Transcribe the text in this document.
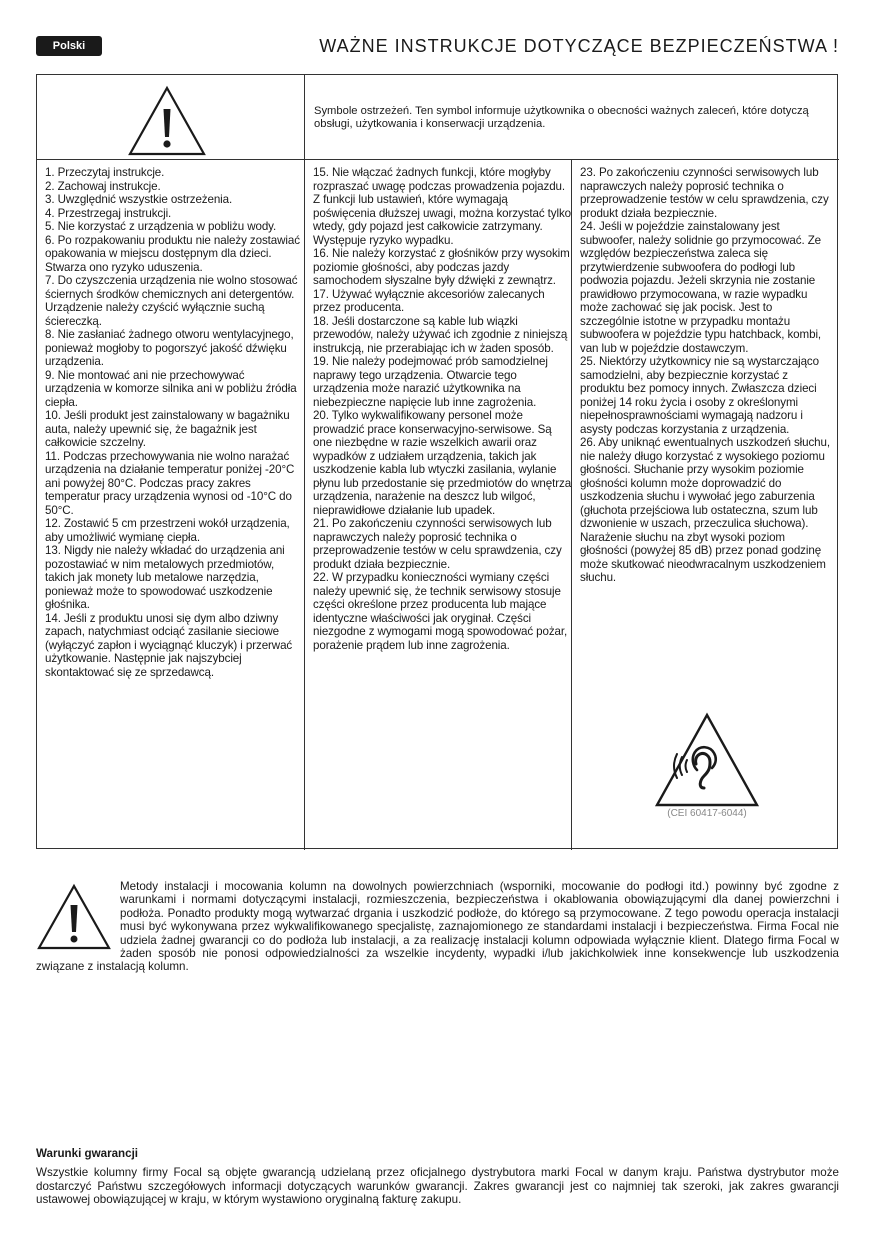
Polski	WAŻNE INSTRUKCJE DOTYCZĄCE BEZPIECZEŃSTWA !
Symbole ostrzeżeń. Ten symbol informuje użytkownika o obecności ważnych zaleceń, które dotyczą obsługi, użytkowania i konserwacji urządzenia.
1. Przeczytaj instrukcje.
2. Zachowaj instrukcje.
3. Uwzględnić wszystkie ostrzeżenia.
4. Przestrzegaj instrukcji.
5. Nie korzystać z urządzenia w pobliżu wody.
6. Po rozpakowaniu produktu nie należy zostawiać opakowania w miejscu dostępnym dla dzieci. Stwarza ono ryzyko uduszenia.
7. Do czyszczenia urządzenia nie wolno stosować ściernych środków chemicznych ani detergentów. Urządzenie należy czyścić wyłącznie suchą ściereczką.
8. Nie zasłaniać żadnego otworu wentylacyjnego, ponieważ mogłoby to pogorszyć jakość dźwięku urządzenia.
9. Nie montować ani nie przechowywać urządzenia w komorze silnika ani w pobliżu źródła ciepła.
10. Jeśli produkt jest zainstalowany w bagażniku auta, należy upewnić się, że bagażnik jest całkowicie szczelny.
11. Podczas przechowywania nie wolno narażać urządzenia na działanie temperatur poniżej -20°C ani powyżej 80°C. Podczas pracy zakres temperatur pracy urządzenia wynosi od -10°C do 50°C.
12. Zostawić 5 cm przestrzeni wokół urządzenia, aby umożliwić wymianę ciepła.
13. Nigdy nie należy wkładać do urządzenia ani pozostawiać w nim metalowych przedmiotów, takich jak monety lub metalowe narzędzia, ponieważ może to spowodować uszkodzenie głośnika.
14. Jeśli z produktu unosi się dym albo dziwny zapach, natychmiast odciąć zasilanie sieciowe (wyłączyć zapłon i wyciągnąć kluczyk) i przerwać użytkowanie. Następnie jak najszybciej skontaktować się ze sprzedawcą.
15. Nie włączać żadnych funkcji, które mogłyby rozpraszać uwagę podczas prowadzenia pojazdu. Z funkcji lub ustawień, które wymagają poświęcenia dłuższej uwagi, można korzystać tylko wtedy, gdy pojazd jest całkowicie zatrzymany. Występuje ryzyko wypadku.
16. Nie należy korzystać z głośników przy wysokim poziomie głośności, aby podczas jazdy samochodem słyszalne były dźwięki z zewnątrz.
17. Używać wyłącznie akcesoriów zalecanych przez producenta.
18. Jeśli dostarczone są kable lub wiązki przewodów, należy używać ich zgodnie z niniejszą instrukcją, nie przerabiając ich w żaden sposób.
19. Nie należy podejmować prób samodzielnej naprawy tego urządzenia. Otwarcie tego urządzenia może narazić użytkownika na niebezpieczne napięcie lub inne zagrożenia.
20. Tylko wykwalifikowany personel może prowadzić prace konserwacyjno-serwisowe. Są one niezbędne w razie wszelkich awarii oraz wypadków z udziałem urządzenia, takich jak uszkodzenie kabla lub wtyczki zasilania, wylanie płynu lub przedostanie się przedmiotów do wnętrza urządzenia, narażenie na deszcz lub wilgoć, nieprawidłowe działanie lub upadek.
21. Po zakończeniu czynności serwisowych lub naprawczych należy poprosić technika o przeprowadzenie testów w celu sprawdzenia, czy produkt działa bezpiecznie.
22. W przypadku konieczności wymiany części należy upewnić się, że technik serwisowy stosuje części określone przez producenta lub mające identyczne właściwości jak oryginał. Części niezgodne z wymogami mogą spowodować pożar, porażenie prądem lub inne zagrożenia.
23. Po zakończeniu czynności serwisowych lub naprawczych należy poprosić technika o przeprowadzenie testów w celu sprawdzenia, czy produkt działa bezpiecznie.
24. Jeśli w pojeździe zainstalowany jest subwoofer, należy solidnie go przymocować. Ze względów bezpieczeństwa zaleca się przytwierdzenie subwoofera do podłogi lub podwozia pojazdu. Jeżeli skrzynia nie zostanie prawidłowo przymocowana, w razie wypadku może zachować się jak pocisk. Jest to szczególnie istotne w przypadku montażu subwoofera w pojeździe typu hatchback, kombi, van lub w pojeździe dostawczym.
25. Niektórzy użytkownicy nie są wystarczająco samodzielni, aby bezpiecznie korzystać z produktu bez pomocy innych. Zwłaszcza dzieci poniżej 14 roku życia i osoby z określonymi niepełnosprawnościami wymagają nadzoru i asysty podczas korzystania z urządzenia.
26. Aby uniknąć ewentualnych uszkodzeń słuchu, nie należy długo korzystać z wysokiego poziomu głośności. Słuchanie przy wysokim poziomie głośności kolumn może doprowadzić do uszkodzenia słuchu i wywołać jego zaburzenia (głuchota przejściowa lub ostateczna, szum lub dzwonienie w uszach, przeczulica słuchowa).
Narażenie słuchu na zbyt wysoki poziom głośności (powyżej 85 dB) przez ponad godzinę może skutkować nieodwracalnym uszkodzeniem słuchu.
(CEI 60417-6044)
Metody instalacji i mocowania kolumn na dowolnych powierzchniach (wsporniki, mocowanie do podłogi itd.) powinny być zgodne z warunkami i normami dotyczącymi instalacji, rozmieszczenia, bezpieczeństwa i okablowania obowiązującymi dla danej powierzchni i podłoża. Ponadto produkty mogą wytwarzać drgania i uszkodzić podłoże, do którego są przymocowane. Z tego powodu operacja instalacji musi być wykonywana przez wykwalifikowanego specjalistę, zaznajomionego ze standardami instalacji i bezpieczeństwa. Firma Focal nie udziela żadnej gwarancji co do podłoża lub instalacji, a za realizację instalacji kolumn odpowiada wyłącznie klient. Dlatego firma Focal w żaden sposób nie ponosi odpowiedzialności za wszelkie incydenty, wypadki i/lub jakichkolwiek inne konsekwencje lub uszkodzenia związane z instalacją kolumn.
Warunki gwarancji
Wszystkie kolumny firmy Focal są objęte gwarancją udzielaną przez oficjalnego dystrybutora marki Focal w danym kraju. Państwa dystrybutor może dostarczyć Państwu szczegółowych informacji dotyczących warunków gwarancji. Zakres gwarancji jest co najmniej tak szeroki, jak zakres gwarancji ustawowej obowiązującej w kraju, w którym wystawiono oryginalną fakturę zakupu.
